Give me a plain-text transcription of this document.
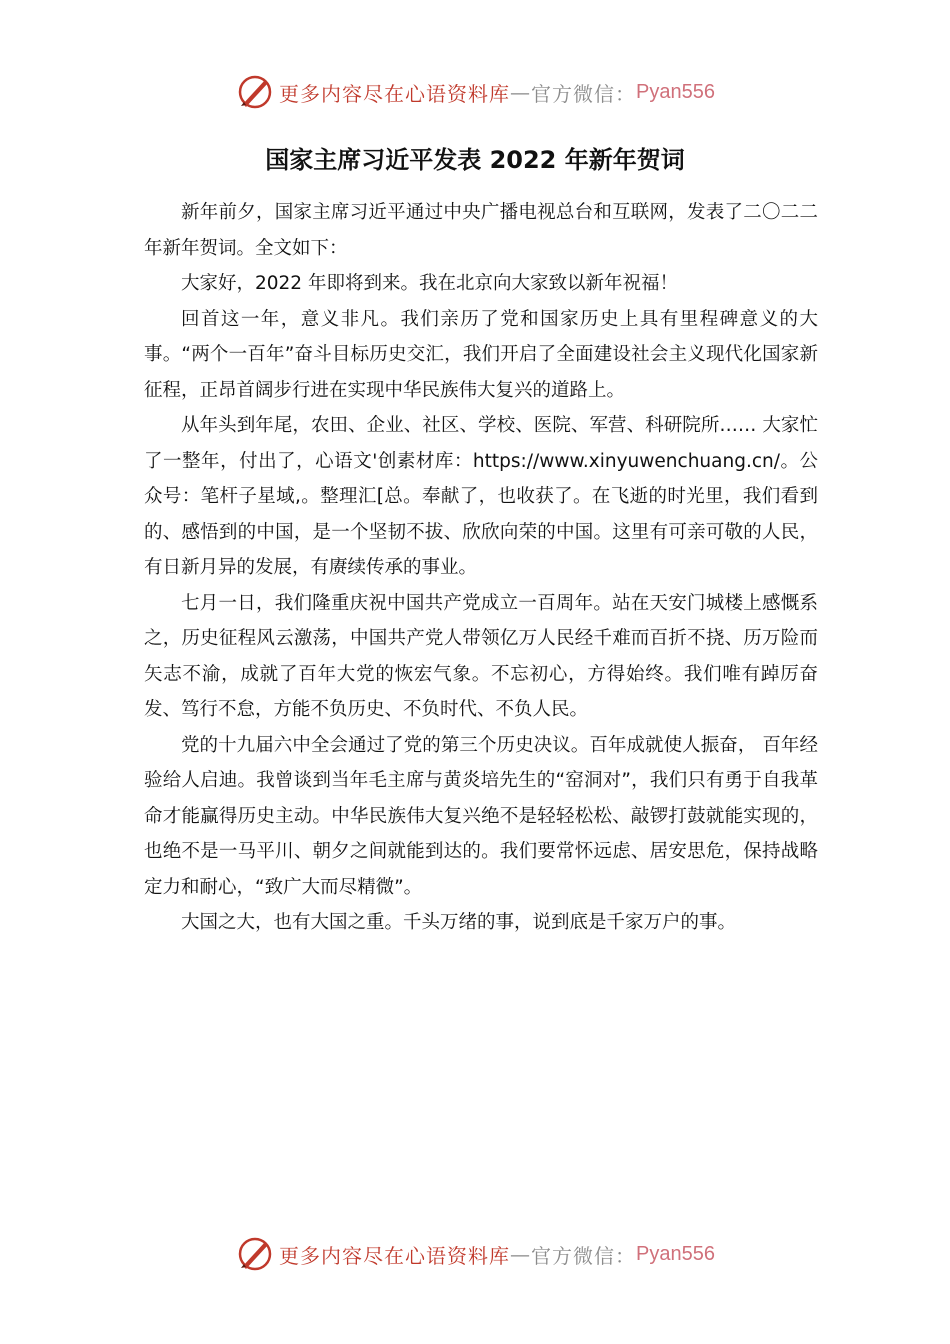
更多内容尽在心语资料库 — 官方微信： Pyan556
国家主席习近平发表 2022 年新年贺词

新年前夕，国家主席习近平通过中央广播电视总台和互联网，发表了二〇二二年新年贺词。全文如下：

大家好，2022 年即将到来。我在北京向大家致以新年祝福！

回首这一年，意义非凡。我们亲历了党和国家历史上具有里程碑意义的大事。“两个一百年”奋斗目标历史交汇，我们开启了全面建设社会主义现代化国家新征程，正昂首阔步行进在实现中华民族伟大复兴的道路上。

从年头到年尾，农田、企业、社区、学校、医院、军营、科研院所…… 大家忙了一整年，付出了，心语文'创素材库：https://www.xinyuwenchuang.cn/。公众号：笔杆子星域,。整理汇[总。奉献了，也收获了。在飞逝的时光里，我们看到的、感悟到的中国，是一个坚韧不拔、欣欣向荣的中国。这里有可亲可敬的人民，有日新月异的发展，有赓续传承的事业。

七月一日，我们隆重庆祝中国共产党成立一百周年。站在天安门城楼上感慨系之，历史征程风云激荡，中国共产党人带领亿万人民经千难而百折不挠、历万险而矢志不渝，成就了百年大党的恢宏气象。不忘初心，方得始终。我们唯有踔厉奋发、笃行不怠，方能不负历史、不负时代、不负人民。

党的十九届六中全会通过了党的第三个历史决议。百年成就使人振奋， 百年经验给人启迪。我曾谈到当年毛主席与黄炎培先生的“窑洞对”，我们只有勇于自我革命才能赢得历史主动。中华民族伟大复兴绝不是轻轻松松、敲锣打鼓就能实现的，也绝不是一马平川、朝夕之间就能到达的。我们要常怀远虑、居安思危，保持战略定力和耐心，“致广大而尽精微”。

大国之大，也有大国之重。千头万绪的事，说到底是千家万户的事。

更多内容尽在心语资料库 — 官方微信： Pyan556
